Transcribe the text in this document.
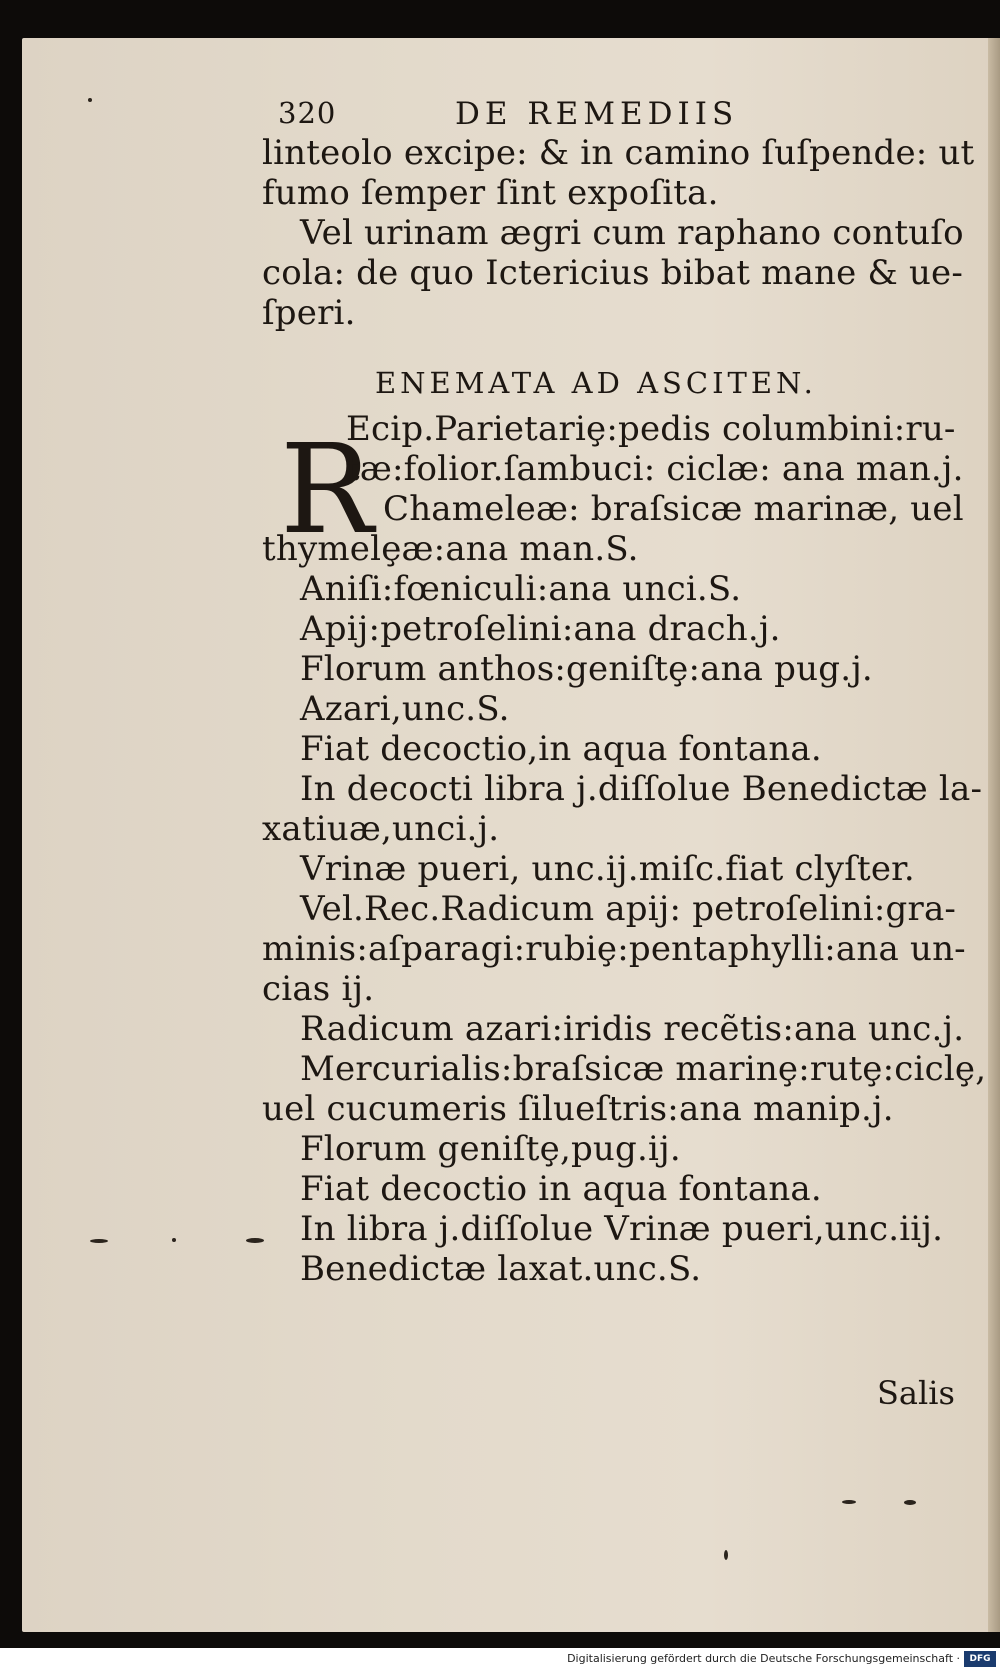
320	DE REMEDIIS
linteolo excipe: & in camino ſuſpende: ut
fumo ſemper ſint expoſita.
Vel urinam ægri cum raphano contuſo
cola: de quo Ictericius bibat mane & ue-
ſperi.
ENEMATA AD ASCITEN.
R
Ecip.Parietariȩ:pedis columbini:ru-
tæ:folior.ſambuci: ciclæ: ana man.j.
Chameleæ: braſsicæ marinæ, uel
thymelȩæ:ana man.S.
Aniſi:fœniculi:ana unci.S.
Apij:petroſelini:ana drach.j.
Florum anthos:geniſtȩ:ana pug.j.
Azari,unc.S.
Fiat decoctio,in aqua fontana.
In decocti libra j.diſſolue Benedictæ la-
xatiuæ,unci.j.
Vrinæ pueri, unc.ij.miſc.fiat clyſter.
Vel.Rec.Radicum apij: petroſelini:gra-
minis:aſparagi:rubiȩ:pentaphylli:ana un-
cias ij.
Radicum azari:iridis recẽtis:ana unc.j.
Mercurialis:braſsicæ marinȩ:rutȩ:ciclȩ,
uel cucumeris ſilueſtris:ana manip.j.
Florum geniſtȩ,pug.ij.
Fiat decoctio in aqua fontana.
In libra j.diſſolue Vrinæ pueri,unc.iij.
Benedictæ laxat.unc.S.
Salis
Digitalisierung gefördert durch die Deutsche Forschungsgemeinschaft ·	DFG
